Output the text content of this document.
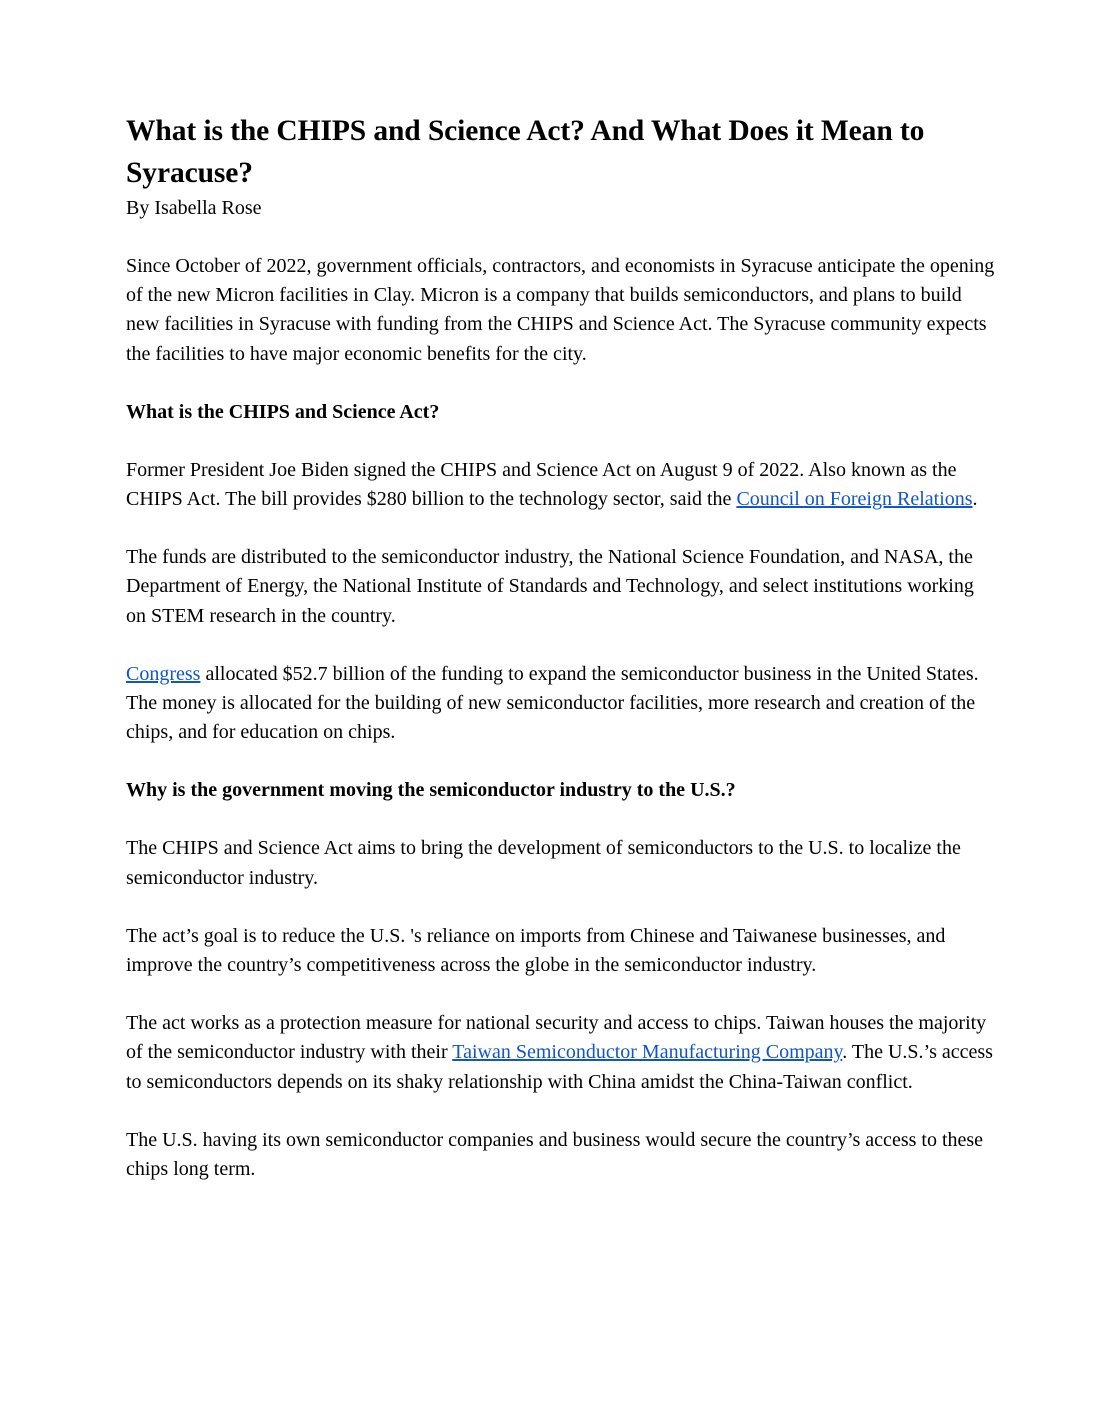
What is the CHIPS and Science Act? And What Does it Mean to Syracuse?
By Isabella Rose

Since October of 2022, government officials, contractors, and economists in Syracuse anticipate the opening of the new Micron facilities in Clay. Micron is a company that builds semiconductors, and plans to build new facilities in Syracuse with funding from the CHIPS and Science Act. The Syracuse community expects the facilities to have major economic benefits for the city.

What is the CHIPS and Science Act?

Former President Joe Biden signed the CHIPS and Science Act on August 9 of 2022. Also known as the CHIPS Act. The bill provides $280 billion to the technology sector, said the Council on Foreign Relations.

The funds are distributed to the semiconductor industry, the National Science Foundation, and NASA, the Department of Energy, the National Institute of Standards and Technology, and select institutions working on STEM research in the country.

Congress allocated $52.7 billion of the funding to expand the semiconductor business in the United States. The money is allocated for the building of new semiconductor facilities, more research and creation of the chips, and for education on chips.

Why is the government moving the semiconductor industry to the U.S.?

The CHIPS and Science Act aims to bring the development of semiconductors to the U.S. to localize the semiconductor industry.

The act’s goal is to reduce the U.S. 's reliance on imports from Chinese and Taiwanese businesses, and improve the country’s competitiveness across the globe in the semiconductor industry.

The act works as a protection measure for national security and access to chips. Taiwan houses the majority of the semiconductor industry with their Taiwan Semiconductor Manufacturing Company. The U.S.’s access to semiconductors depends on its shaky relationship with China amidst the China-Taiwan conflict.

The U.S. having its own semiconductor companies and business would secure the country’s access to these chips long term.
